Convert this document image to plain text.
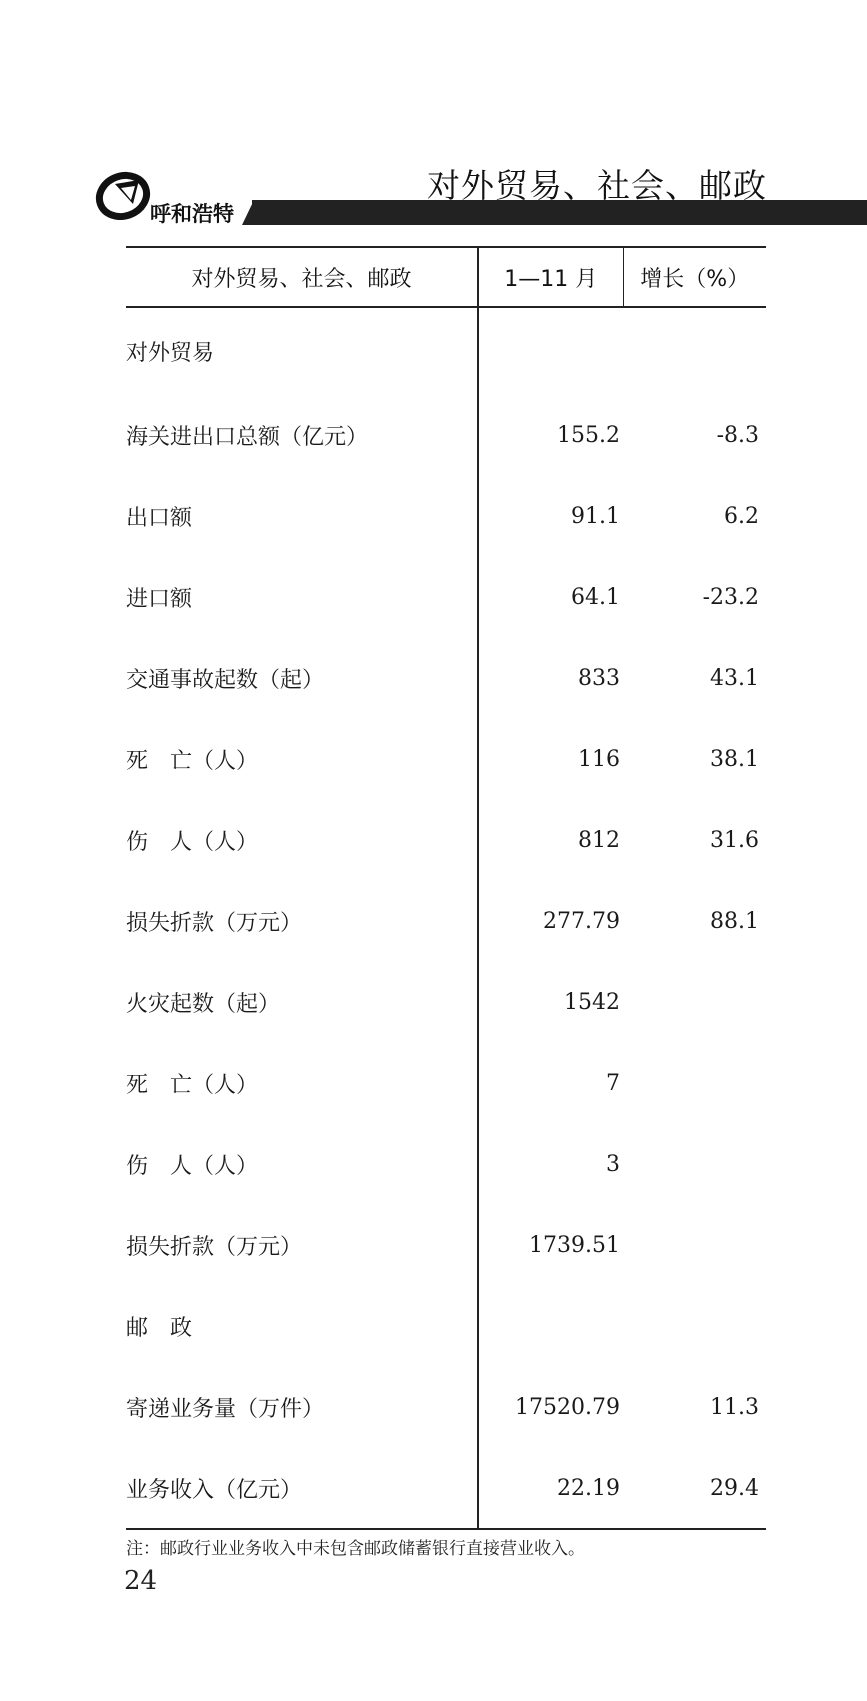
呼和浩特
对外贸易、社会、邮政
对外贸易、社会、邮政	1—11 月	增长（%）
对外贸易		
海关进出口总额（亿元）	155.2	-8.3
出口额	91.1	6.2
进口额	64.1	-23.2
交通事故起数（起）	833	43.1
死　亡（人）	116	38.1
伤　人（人）	812	31.6
损失折款（万元）	277.79	88.1
火灾起数（起）	1542	
死　亡（人）	7	
伤　人（人）	3	
损失折款（万元）	1739.51	
邮　政		
寄递业务量（万件）	17520.79	11.3
业务收入（亿元）	22.19	29.4
注：邮政行业业务收入中未包含邮政储蓄银行直接营业收入。
24
